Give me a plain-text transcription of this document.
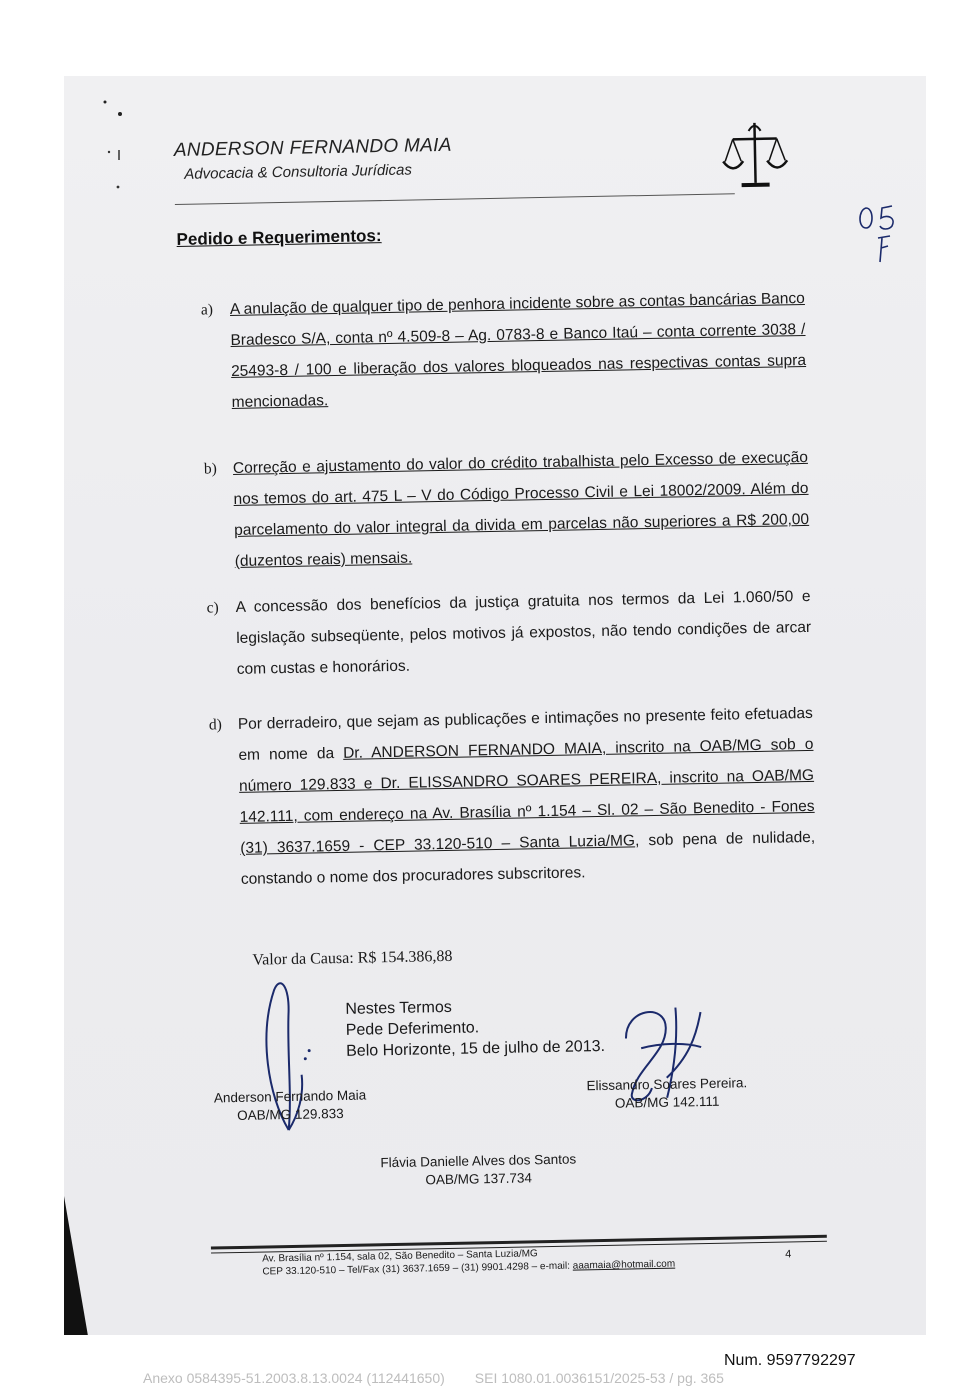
ANDERSON FERNANDO MAIA
Advocacia & Consultoria Jurídicas
Pedido e Requerimentos:
a) A anulação de qualquer tipo de penhora incidente sobre as contas bancárias Banco Bradesco S/A, conta nº 4.509-8 – Ag. 0783-8 e Banco Itaú – conta corrente 3038 / 25493-8 / 100 e liberação dos valores bloqueados nas respectivas contas supra mencionadas.
b) Correção e ajustamento do valor do crédito trabalhista pelo Excesso de execução nos temos do art. 475 L – V do Código Processo Civil e Lei 18002/2009. Além do parcelamento do valor integral da divida em parcelas não superiores a R$ 200,00 (duzentos reais) mensais.
c) A concessão dos benefícios da justiça gratuita nos termos da Lei 1.060/50 e legislação subseqüente, pelos motivos já expostos, não tendo condições de arcar com custas e honorários.
d) Por derradeiro, que sejam as publicações e intimações no presente feito efetuadas em nome da Dr. ANDERSON FERNANDO MAIA, inscrito na OAB/MG sob o número 129.833 e Dr. ELISSANDRO SOARES PEREIRA, inscrito na OAB/MG 142.111, com endereço na Av. Brasília nº 1.154 – Sl. 02 – São Benedito - Fones (31) 3637.1659 - CEP 33.120-510 – Santa Luzia/MG, sob pena de nulidade, constando o nome dos procuradores subscritores.
Valor da Causa: R$ 154.386,88
Nestes Termos
Pede Deferimento.
Belo Horizonte, 15 de julho de 2013.
Anderson Fernando Maia
OAB/MG 129.833
Elissandro Soares Pereira.
OAB/MG 142.111
Flávia Danielle Alves dos Santos
OAB/MG 137.734
Av. Brasília nº 1.154, sala 02, São Benedito – Santa Luzia/MG
CEP 33.120-510 – Tel/Fax (31) 3637.1659 – (31) 9901.4298 – e-mail: aaamaia@hotmail.com
4
Num. 9597792297
Anexo 0584395-51.2003.8.13.0024 (112441650) SEI 1080.01.0036151/2025-53 / pg. 365
